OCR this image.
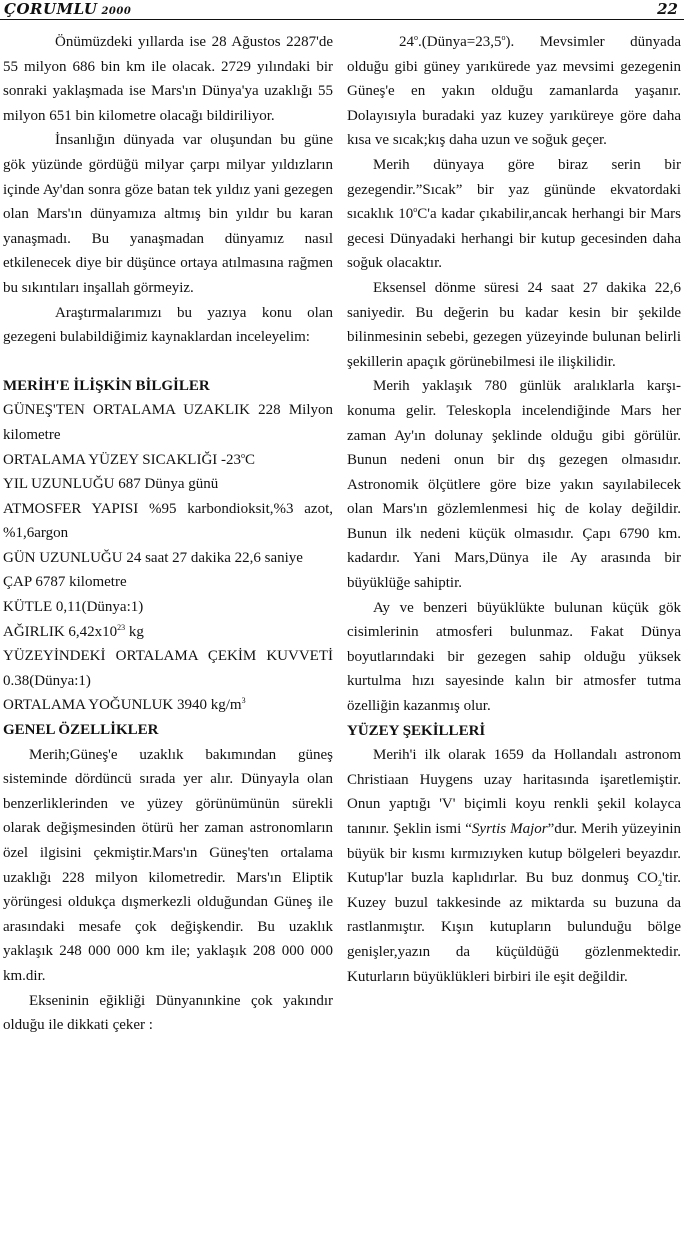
ÇORUMLU 2000	22

Önümüzdeki yıllarda ise 28 Ağustos 2287'de 55 milyon 686 bin km ile olacak. 2729 yılındaki bir sonraki yaklaşmada ise Mars'ın Dünya'ya uzaklığı 55 milyon 651 bin kilometre olacağı bildiriliyor.

İnsanlığın dünyada var oluşundan bu güne gök yüzünde gördüğü milyar çarpı milyar yıldızların içinde Ay'dan sonra göze batan tek yıldız yani gezegen olan Mars'ın dünyamıza altmış bin yıldır bu karan yanaşmadı. Bu yanaşmadan dünyamız nasıl etkilenecek diye bir düşünce ortaya atılmasına rağmen bu sıkıntıları inşallah görmeyiz.

Araştırmalarımızı bu yazıya konu olan gezegeni bulabildiğimiz kaynaklardan inceleyelim:

MERİH'E İLİŞKİN BİLGİLER

GÜNEŞ'TEN ORTALAMA UZAKLIK 228 Milyon kilometre

ORTALAMA YÜZEY SICAKLIĞI -23$^o$C

YIL UZUNLUĞU 687 Dünya günü

ATMOSFER YAPISI %95 karbondioksit,%3 azot, %1,6argon

GÜN UZUNLUĞU 24 saat 27 dakika 22,6 saniye

ÇAP 6787 kilometre

KÜTLE 0,11(Dünya:1)

AĞIRLIK $6,42x10^{23}$ kg

YÜZEYİNDEKİ ORTALAMA ÇEKİM KUVVETİ 0.38(Dünya:1)

ORTALAMA YOĞUNLUK 3940 $kg/m^3$

GENEL ÖZELLİKLER

Merih;Güneş'e uzaklık bakımından güneş sisteminde dördüncü sırada yer alır. Dünyayla olan benzerliklerinden ve yüzey görünümünün sürekli olarak değişmesinden ötürü her zaman astronomların özel ilgisini çekmiştir.Mars'ın Güneş'ten ortalama uzaklığı 228 milyon kilometredir. Mars'ın Eliptik yörüngesi oldukça dışmerkezli olduğundan Güneş ile arasındaki mesafe çok değişkendir. Bu uzaklık yaklaşık 248 000 000 km ile; yaklaşık 208 000 000 km.dir.

Ekseninin eğikliği Dünyanınkine çok yakındır olduğu ile dikkati çeker :

$24^o.(Dünya=23,5^o)$. Mevsimler dünyada olduğu gibi güney yarıkürede yaz mevsimi gezegenin Güneş'e en yakın olduğu zamanlarda yaşanır. Dolayısıyla buradaki yaz kuzey yarıküreye göre daha kısa ve sıcak;kış daha uzun ve soğuk geçer.

Merih dünyaya göre biraz serin bir gezegendir.”Sıcak” bir yaz gününde ekvatordaki sıcaklık 10$^o$C'a kadar çıkabilir,ancak herhangi bir Mars gecesi Dünyadaki herhangi bir kutup gecesinden daha soğuk olacaktır.

Eksensel dönme süresi 24 saat 27 dakika 22,6 saniyedir. Bu değerin bu kadar kesin bir şekilde bilinmesinin sebebi, gezegen yüzeyinde bulunan belirli şekillerin apaçık görünebilmesi ile ilişkilidir.

Merih yaklaşık 780 günlük aralıklarla karşı-konuma gelir. Teleskopla incelendiğinde Mars her zaman Ay'ın dolunay şeklinde olduğu gibi görülür. Bunun nedeni onun bir dış gezegen olmasıdır. Astronomik ölçütlere göre bize yakın sayılabilecek olan Mars'ın gözlemlenmesi hiç de kolay değildir. Bunun ilk nedeni küçük olmasıdır. Çapı 6790 km. kadardır. Yani Mars,Dünya ile Ay arasında bir büyüklüğe sahiptir.

Ay ve benzeri büyüklükte bulunan küçük gök cisimlerinin atmosferi bulunmaz. Fakat Dünya boyutlarındaki bir gezegen sahip olduğu yüksek kurtulma hızı sayesinde kalın bir atmosfer tutma özelliğin kazanmış olur.

YÜZEY ŞEKİLLERİ

Merih'i ilk olarak 1659 da Hollandalı astronom Christiaan Huygens uzay haritasında işaretlemiştir. Onun yaptığı 'V' biçimli koyu renkli şekil kolayca tanınır. Şeklin ismi “Syrtis Major”dur. Merih yüzeyinin büyük bir kısmı kırmızıyken kutup bölgeleri beyazdır. Kutup'lar buzla kaplıdırlar. Bu buz donmuş $CO_2'tir$. Kuzey buzul takkesinde az miktarda su buzuna da rastlanmıştır. Kışın kutupların bulunduğu bölge genişler,yazın da küçüldüğü gözlenmektedir. Kuturların büyüklükleri birbiri ile eşit değildir.
